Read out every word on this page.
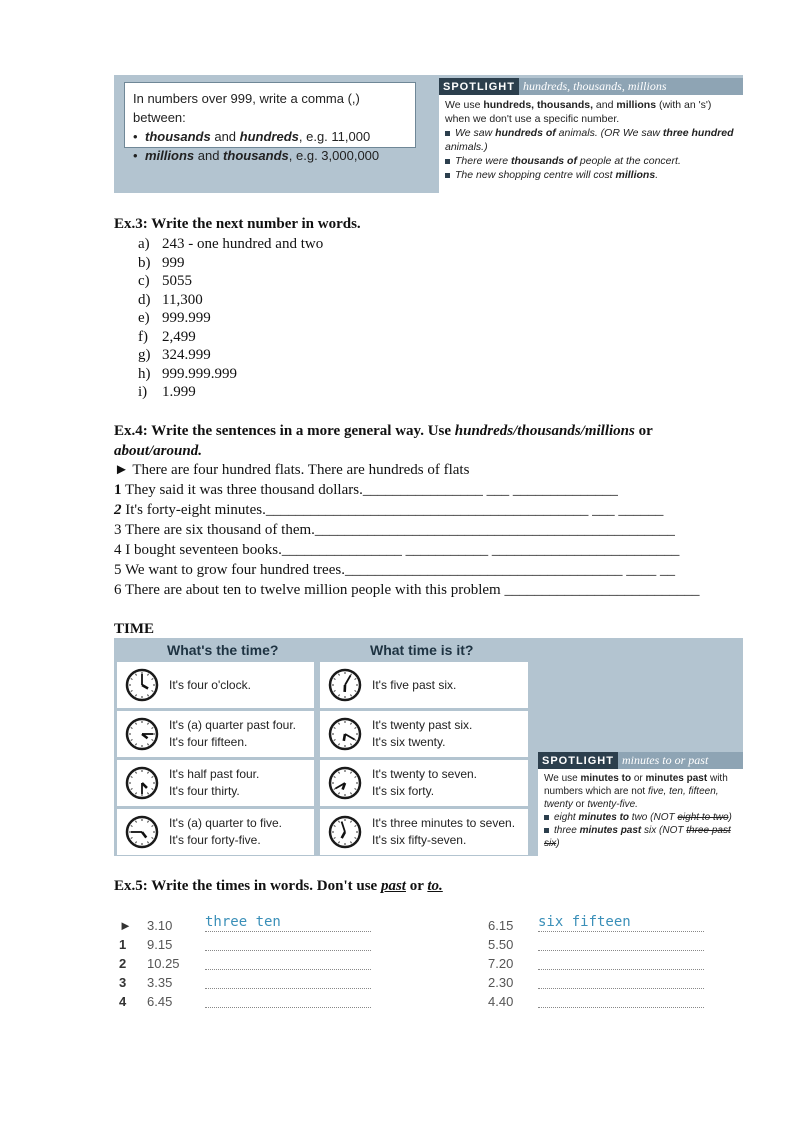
In numbers over 999, write a comma (,) between:
• thousands and hundreds, e.g. 11,000
• millions and thousands, e.g. 3,000,000
SPOTLIGHT hundreds, thousands, millions
We use hundreds, thousands, and millions (with an 's') when we don't use a specific number.
We saw hundreds of animals. (OR We saw three hundred animals.)
There were thousands of people at the concert.
The new shopping centre will cost millions.
Ex.3: Write the next number in words.
a) 243 - one hundred and two
b) 999
c) 5055
d) 11,300
e) 999.999
f) 2,499
g) 324.999
h) 999.999.999
i) 1.999
Ex.4: Write the sentences in a more general way. Use hundreds/thousands/millions or
about/around.
► There are four hundred flats. There are hundreds of flats
1 They said it was three thousand dollars.________________ ___ ______________
2 It's forty-eight minutes.___________________________________________ ___ ______
3 There are six thousand of them.________________________________________________
4 I bought seventeen books.________________ ___________ _________________________
5 We want to grow four hundred trees._____________________________________ ____ __
6 There are about ten to twelve million people with this problem __________________________
TIME
What's the time?
It's four o'clock.
It's (a) quarter past four.
It's four fifteen.
It's half past four.
It's four thirty.
It's (a) quarter to five.
It's four forty-five.
What time is it?
It's five past six.
It's twenty past six.
It's six twenty.
It's twenty to seven.
It's six forty.
It's three minutes to seven.
It's six fifty-seven.
SPOTLIGHT minutes to or past
We use minutes to or minutes past with numbers which are not five, ten, fifteen, twenty or twenty-five.
eight minutes to two (NOT eight to two)
three minutes past six (NOT three past six)
Ex.5: Write the times in words. Don't use past or to.
► 3.10 three ten
1	9.15
2	10.25
3	3.35
4	6.45
6.15 six fifteen
5.50
7.20
2.30
4.40
